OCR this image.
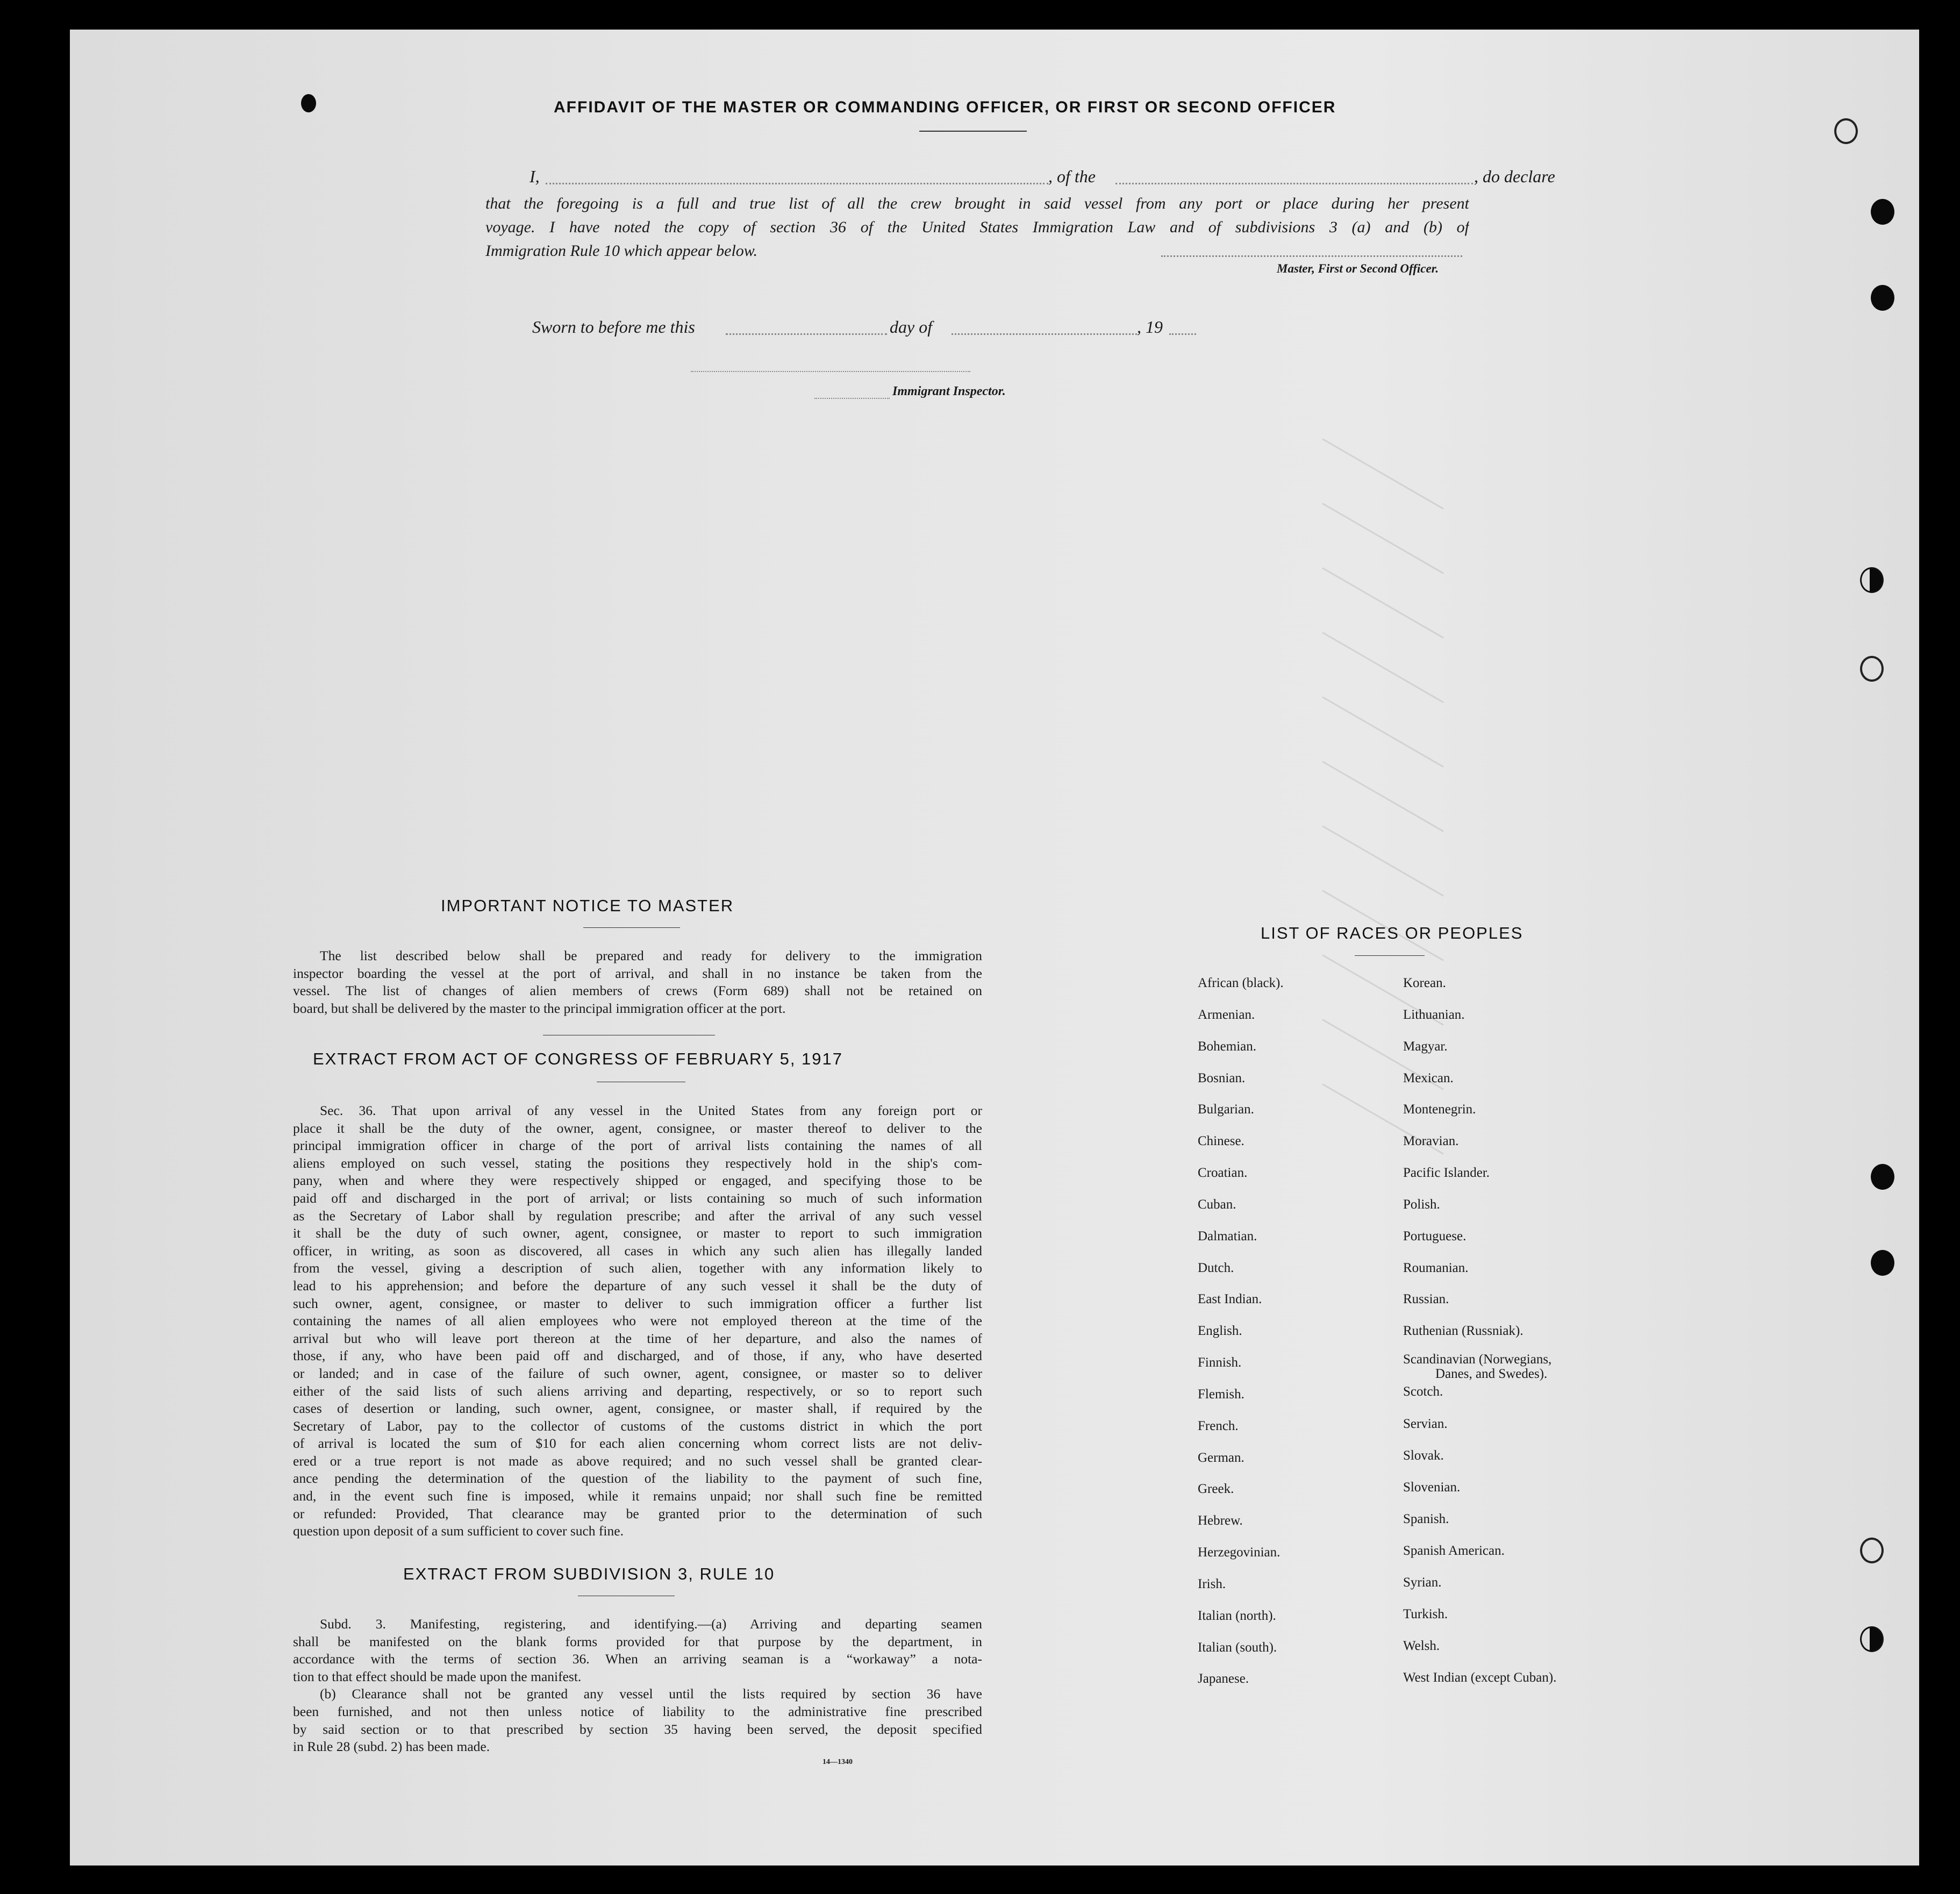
AFFIDAVIT OF THE MASTER OR COMMANDING OFFICER, OR FIRST OR SECOND OFFICER
I,	, of the	, do declare
that the foregoing is a full and true list of all the crew brought in said vessel from any port or place during her present
voyage. I have noted the copy of section 36 of the United States Immigration Law and of subdivisions 3 (a) and (b) of
Immigration Rule 10 which appear below.
Master, First or Second Officer.
Sworn to before me this	day of	, 19
Immigrant Inspector.
IMPORTANT NOTICE TO MASTER
The list described below shall be prepared and ready for delivery to the immigration
inspector boarding the vessel at the port of arrival, and shall in no instance be taken from the
vessel. The list of changes of alien members of crews (Form 689) shall not be retained on
board, but shall be delivered by the master to the principal immigration officer at the port.
EXTRACT FROM ACT OF CONGRESS OF FEBRUARY 5, 1917
Sec. 36. That upon arrival of any vessel in the United States from any foreign port or
place it shall be the duty of the owner, agent, consignee, or master thereof to deliver to the
principal immigration officer in charge of the port of arrival lists containing the names of all
aliens employed on such vessel, stating the positions they respectively hold in the ship's com-
pany, when and where they were respectively shipped or engaged, and specifying those to be
paid off and discharged in the port of arrival; or lists containing so much of such information
as the Secretary of Labor shall by regulation prescribe; and after the arrival of any such vessel
it shall be the duty of such owner, agent, consignee, or master to report to such immigration
officer, in writing, as soon as discovered, all cases in which any such alien has illegally landed
from the vessel, giving a description of such alien, together with any information likely to
lead to his apprehension; and before the departure of any such vessel it shall be the duty of
such owner, agent, consignee, or master to deliver to such immigration officer a further list
containing the names of all alien employees who were not employed thereon at the time of the
arrival but who will leave port thereon at the time of her departure, and also the names of
those, if any, who have been paid off and discharged, and of those, if any, who have deserted
or landed; and in case of the failure of such owner, agent, consignee, or master so to deliver
either of the said lists of such aliens arriving and departing, respectively, or so to report such
cases of desertion or landing, such owner, agent, consignee, or master shall, if required by the
Secretary of Labor, pay to the collector of customs of the customs district in which the port
of arrival is located the sum of $10 for each alien concerning whom correct lists are not deliv-
ered or a true report is not made as above required; and no such vessel shall be granted clear-
ance pending the determination of the question of the liability to the payment of such fine,
and, in the event such fine is imposed, while it remains unpaid; nor shall such fine be remitted
or refunded: Provided, That clearance may be granted prior to the determination of such
question upon deposit of a sum sufficient to cover such fine.
EXTRACT FROM SUBDIVISION 3, RULE 10
Subd. 3. Manifesting, registering, and identifying.—(a) Arriving and departing seamen
shall be manifested on the blank forms provided for that purpose by the department, in
accordance with the terms of section 36. When an arriving seaman is a “workaway” a nota-
tion to that effect should be made upon the manifest.
(b) Clearance shall not be granted any vessel until the lists required by section 36 have
been furnished, and not then unless notice of liability to the administrative fine prescribed
by said section or to that prescribed by section 35 having been served, the deposit specified
in Rule 28 (subd. 2) has been made.
14—1340
LIST OF RACES OR PEOPLES
African (black).
Armenian.
Bohemian.
Bosnian.
Bulgarian.
Chinese.
Croatian.
Cuban.
Dalmatian.
Dutch.
East Indian.
English.
Finnish.
Flemish.
French.
German.
Greek.
Hebrew.
Herzegovinian.
Irish.
Italian (north).
Italian (south).
Japanese.
Korean.
Lithuanian.
Magyar.
Mexican.
Montenegrin.
Moravian.
Pacific Islander.
Polish.
Portuguese.
Roumanian.
Russian.
Ruthenian (Russniak).
Scandinavian (Norwegians,
Danes, and Swedes).
Scotch.
Servian.
Slovak.
Slovenian.
Spanish.
Spanish American.
Syrian.
Turkish.
Welsh.
West Indian (except Cuban).
